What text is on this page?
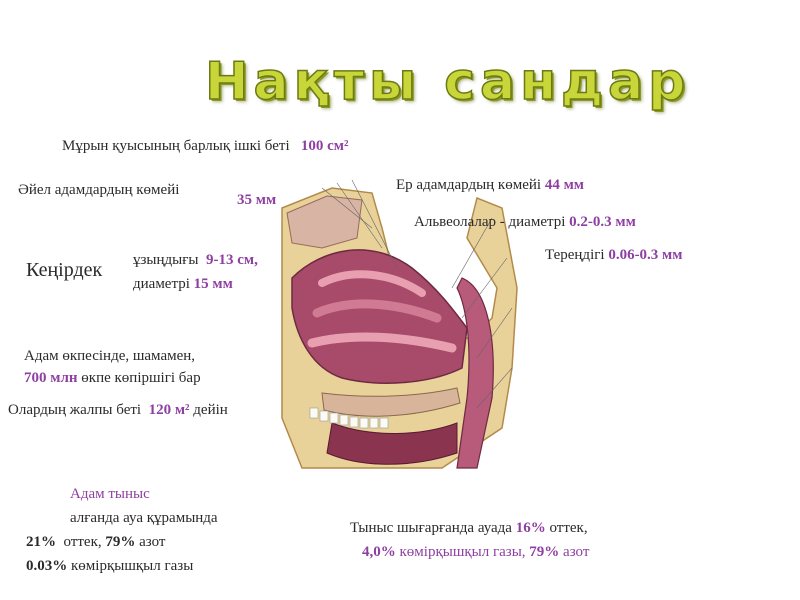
Нақты сандар
Мұрын қуысының барлық ішкі беті 100 см²
Әйел адамдардың көмейі
35 мм
Ер адамдардың көмейі 44 мм
Альвеолалар - диаметрі 0.2-0.3 мм
Тереңдігі 0.06-0.3 мм
Кеңірдек ұзыңдығы 9-13 см,
диаметрі 15 мм
Адам өкпесінде, шамамен,
700 млн өкпе көпіршігі бар
Олардың жалпы беті 120 м² дейін
Адам тыныс
алғанда ауа құрамында
21% оттек, 79% азот
0.03% көмірқышқыл газы
Тыныс шығарғанда ауада 16% оттек,
4,0% көмірқышқыл газы, 79% азот
